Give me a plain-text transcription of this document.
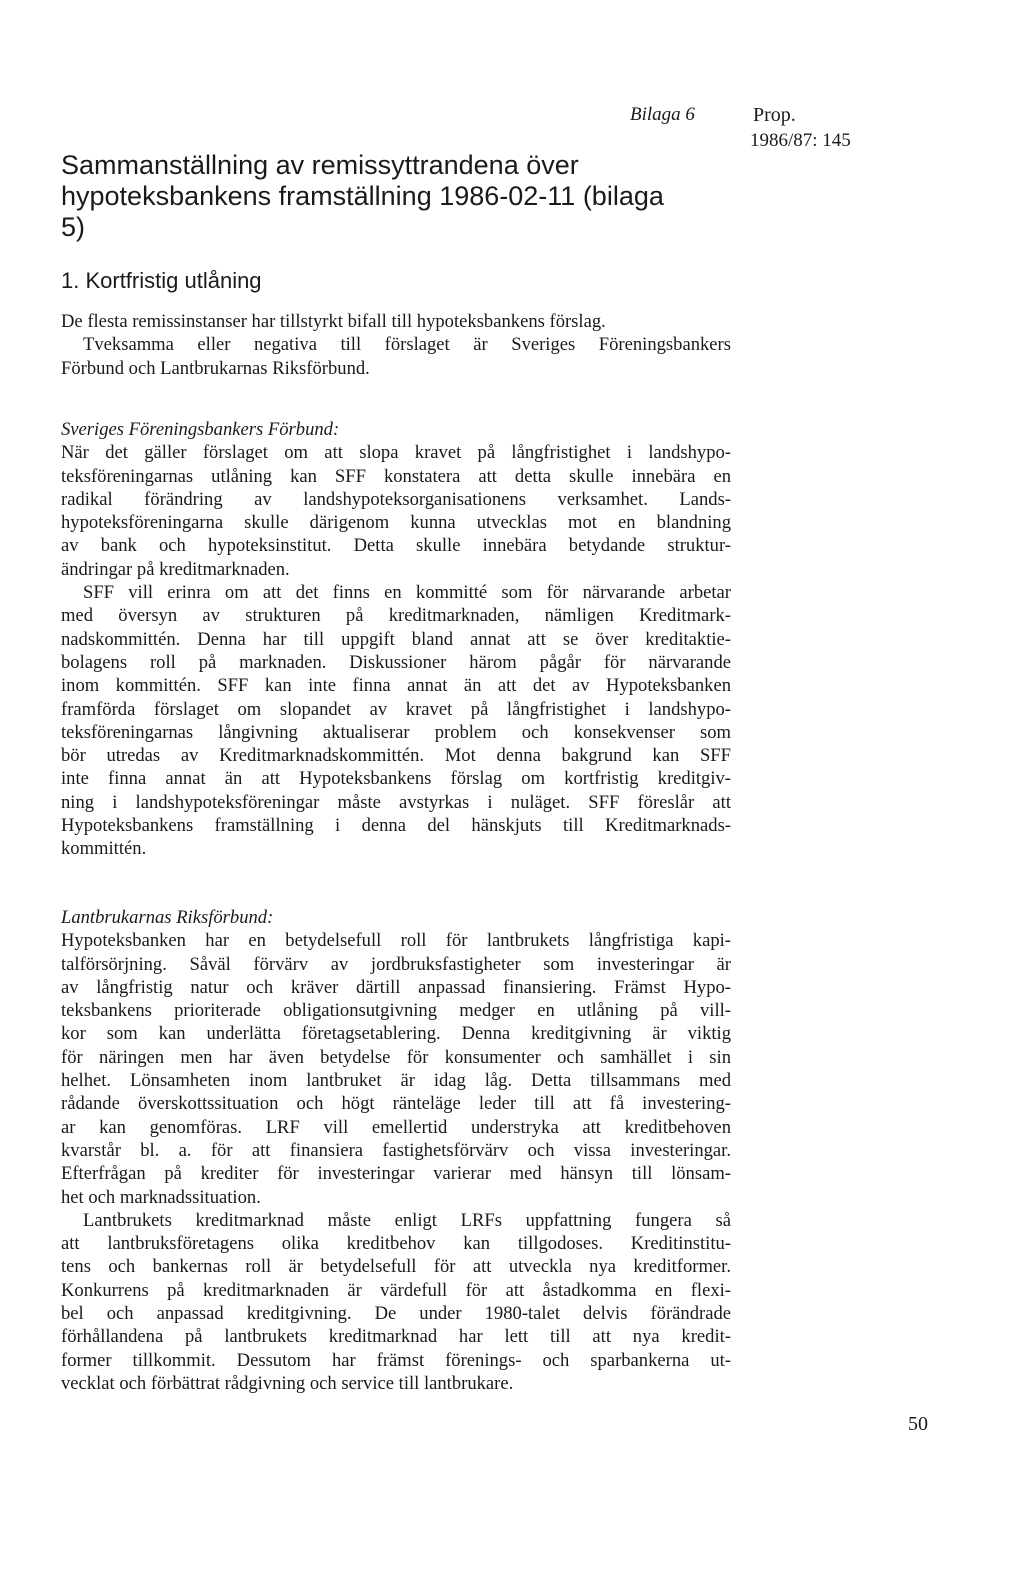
Bilaga 6	Prop.
1986/87: 145
Sammanställning av remissyttrandena över
hypoteksbankens framställning 1986-02-11 (bilaga
5)
1. Kortfristig utlåning
De flesta remissinstanser har tillstyrkt bifall till hypoteksbankens förslag.
Tveksamma eller negativa till förslaget är Sveriges Föreningsbankers
Förbund och Lantbrukarnas Riksförbund.
Sveriges Föreningsbankers Förbund:
När det gäller förslaget om att slopa kravet på långfristighet i landshypo-
teksföreningarnas utlåning kan SFF konstatera att detta skulle innebära en
radikal förändring av landshypoteksorganisationens verksamhet. Lands-
hypoteksföreningarna skulle därigenom kunna utvecklas mot en blandning
av bank och hypoteksinstitut. Detta skulle innebära betydande struktur-
ändringar på kreditmarknaden.
SFF vill erinra om att det finns en kommitté som för närvarande arbetar
med översyn av strukturen på kreditmarknaden, nämligen Kreditmark-
nadskommittén. Denna har till uppgift bland annat att se över kreditaktie-
bolagens roll på marknaden. Diskussioner härom pågår för närvarande
inom kommittén. SFF kan inte finna annat än att det av Hypoteksbanken
framförda förslaget om slopandet av kravet på långfristighet i landshypo-
teksföreningarnas långivning aktualiserar problem och konsekvenser som
bör utredas av Kreditmarknadskommittén. Mot denna bakgrund kan SFF
inte finna annat än att Hypoteksbankens förslag om kortfristig kreditgiv-
ning i landshypoteksföreningar måste avstyrkas i nuläget. SFF föreslår att
Hypoteksbankens framställning i denna del hänskjuts till Kreditmarknads-
kommittén.
Lantbrukarnas Riksförbund:
Hypoteksbanken har en betydelsefull roll för lantbrukets långfristiga kapi-
talförsörjning. Såväl förvärv av jordbruksfastigheter som investeringar är
av långfristig natur och kräver därtill anpassad finansiering. Främst Hypo-
teksbankens prioriterade obligationsutgivning medger en utlåning på vill-
kor som kan underlätta företagsetablering. Denna kreditgivning är viktig
för näringen men har även betydelse för konsumenter och samhället i sin
helhet. Lönsamheten inom lantbruket är idag låg. Detta tillsammans med
rådande överskottssituation och högt ränteläge leder till att få investering-
ar kan genomföras. LRF vill emellertid understryka att kreditbehoven
kvarstår bl. a. för att finansiera fastighetsförvärv och vissa investeringar.
Efterfrågan på krediter för investeringar varierar med hänsyn till lönsam-
het och marknadssituation.
Lantbrukets kreditmarknad måste enligt LRFs uppfattning fungera så
att lantbruksföretagens olika kreditbehov kan tillgodoses. Kreditinstitu-
tens och bankernas roll är betydelsefull för att utveckla nya kreditformer.
Konkurrens på kreditmarknaden är värdefull för att åstadkomma en flexi-
bel och anpassad kreditgivning. De under 1980-talet delvis förändrade
förhållandena på lantbrukets kreditmarknad har lett till att nya kredit-
former tillkommit. Dessutom har främst förenings- och sparbankerna ut-
vecklat och förbättrat rådgivning och service till lantbrukare.
50
